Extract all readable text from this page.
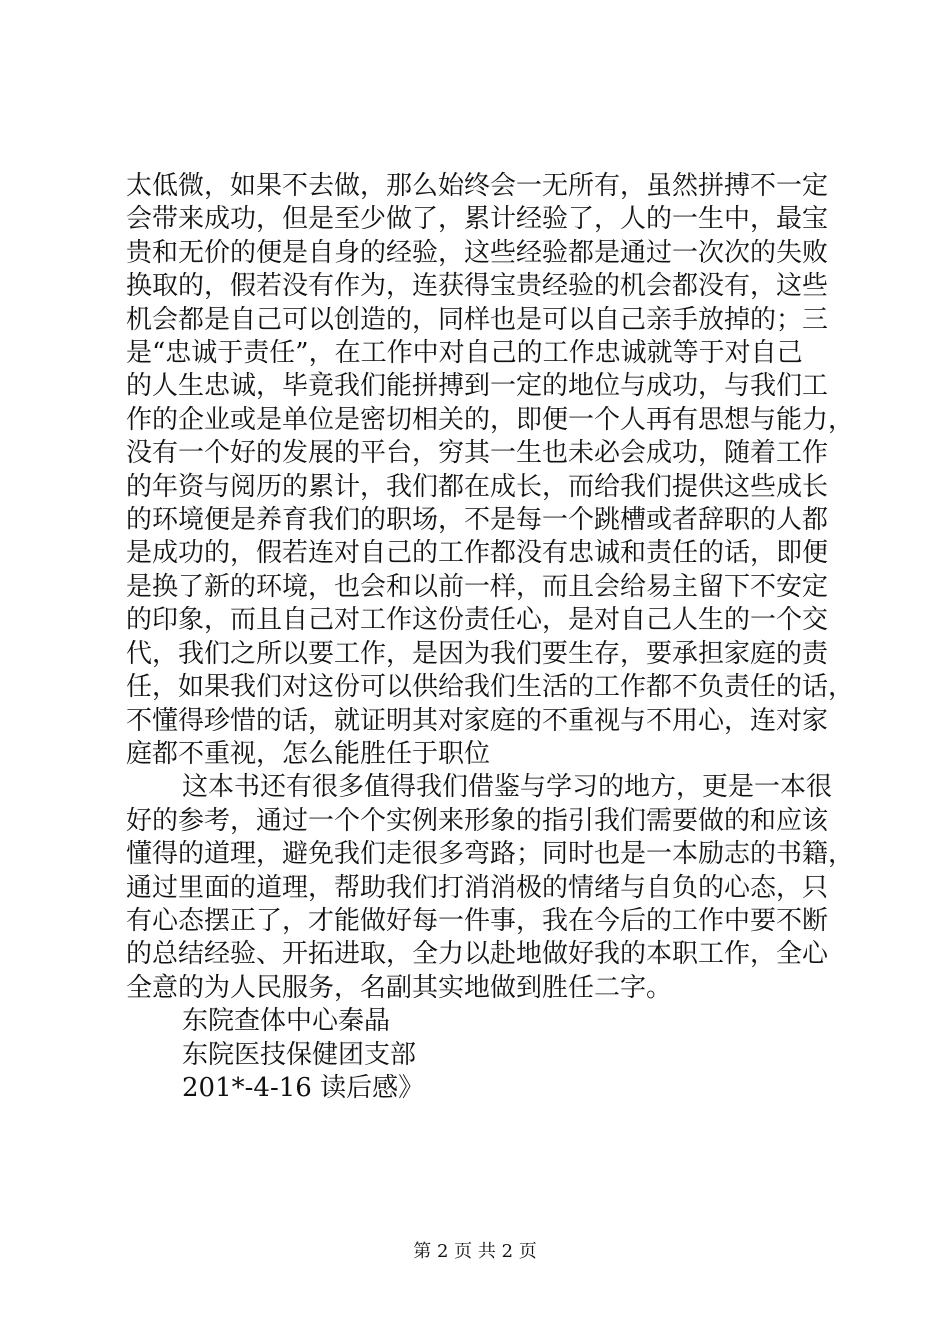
太低微，如果不去做，那么始终会一无所有，虽然拼搏不一定
会带来成功，但是至少做了，累计经验了，人的一生中，最宝
贵和无价的便是自身的经验，这些经验都是通过一次次的失败
换取的，假若没有作为，连获得宝贵经验的机会都没有，这些
机会都是自己可以创造的，同样也是可以自己亲手放掉的；三
是“忠诚于责任”，在工作中对自己的工作忠诚就等于对自己
的人生忠诚，毕竟我们能拼搏到一定的地位与成功，与我们工
作的企业或是单位是密切相关的，即便一个人再有思想与能力，
没有一个好的发展的平台，穷其一生也未必会成功，随着工作
的年资与阅历的累计，我们都在成长，而给我们提供这些成长
的环境便是养育我们的职场，不是每一个跳槽或者辞职的人都
是成功的，假若连对自己的工作都没有忠诚和责任的话，即便
是换了新的环境，也会和以前一样，而且会给易主留下不安定
的印象，而且自己对工作这份责任心，是对自己人生的一个交
代，我们之所以要工作，是因为我们要生存，要承担家庭的责
任，如果我们对这份可以供给我们生活的工作都不负责任的话，
不懂得珍惜的话，就证明其对家庭的不重视与不用心，连对家
庭都不重视，怎么能胜任于职位
这本书还有很多值得我们借鉴与学习的地方，更是一本很
好的参考，通过一个个实例来形象的指引我们需要做的和应该
懂得的道理，避免我们走很多弯路；同时也是一本励志的书籍，
通过里面的道理，帮助我们打消消极的情绪与自负的心态，只
有心态摆正了，才能做好每一件事，我在今后的工作中要不断
的总结经验、开拓进取，全力以赴地做好我的本职工作，全心
全意的为人民服务，名副其实地做到胜任二字。
东院查体中心秦晶
东院医技保健团支部
201*-4-16 读后感》
第 2 页 共 2 页
